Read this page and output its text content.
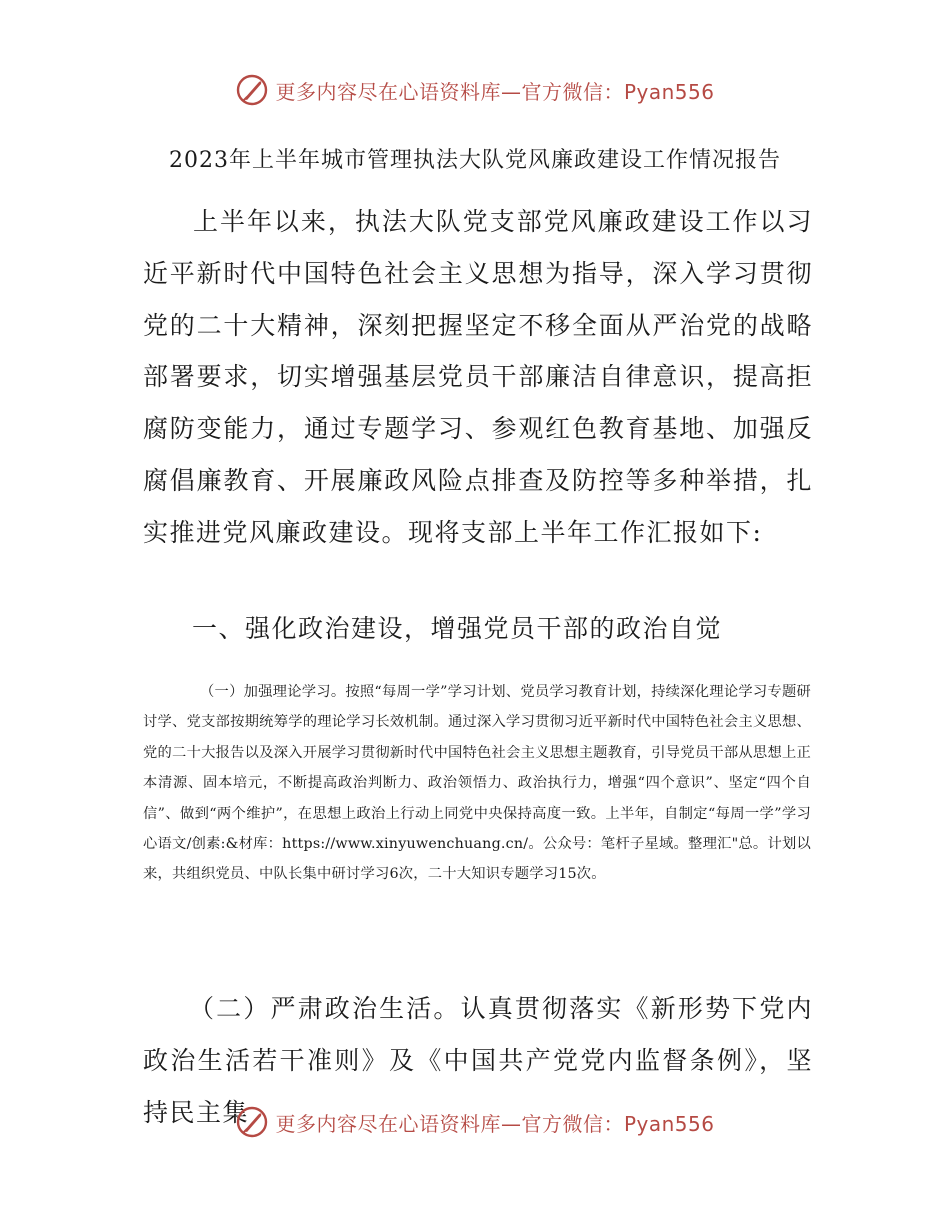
更多内容尽在心语资料库—官方微信：Pyan556
2023年上半年城市管理执法大队党风廉政建设工作情况报告

上半年以来，执法大队党支部党风廉政建设工作以习近平新时代中国特色社会主义思想为指导，深入学习贯彻党的二十大精神，深刻把握坚定不移全面从严治党的战略部署要求，切实增强基层党员干部廉洁自律意识，提高拒腐防变能力，通过专题学习、参观红色教育基地、加强反腐倡廉教育、开展廉政风险点排查及防控等多种举措，扎实推进党风廉政建设。现将支部上半年工作汇报如下:

一、强化政治建设，增强党员干部的政治自觉

（一）加强理论学习。按照“每周一学”学习计划、党员学习教育计划，持续深化理论学习专题研讨学、党支部按期统筹学的理论学习长效机制。通过深入学习贯彻习近平新时代中国特色社会主义思想、党的二十大报告以及深入开展学习贯彻新时代中国特色社会主义思想主题教育，引导党员干部从思想上正本清源、固本培元，不断提高政治判断力、政治领悟力、政治执行力，增强“四个意识”、坚定“四个自信”、做到“两个维护”，在思想上政治上行动上同党中央保持高度一致。上半年，自制定“每周一学”学习心语文/创素:&材库：https://www.xinyuwenchuang.cn/。公众号：笔杆子星域。整理汇"总。计划以来，共组织党员、中队长集中研讨学习6次，二十大知识专题学习15次。

（二）严肃政治生活。认真贯彻落实《新形势下党内政治生活若干准则》及《中国共产党党内监督条例》，坚持民主集	更多内容尽在心语资料库—官方微信：Pyan556
